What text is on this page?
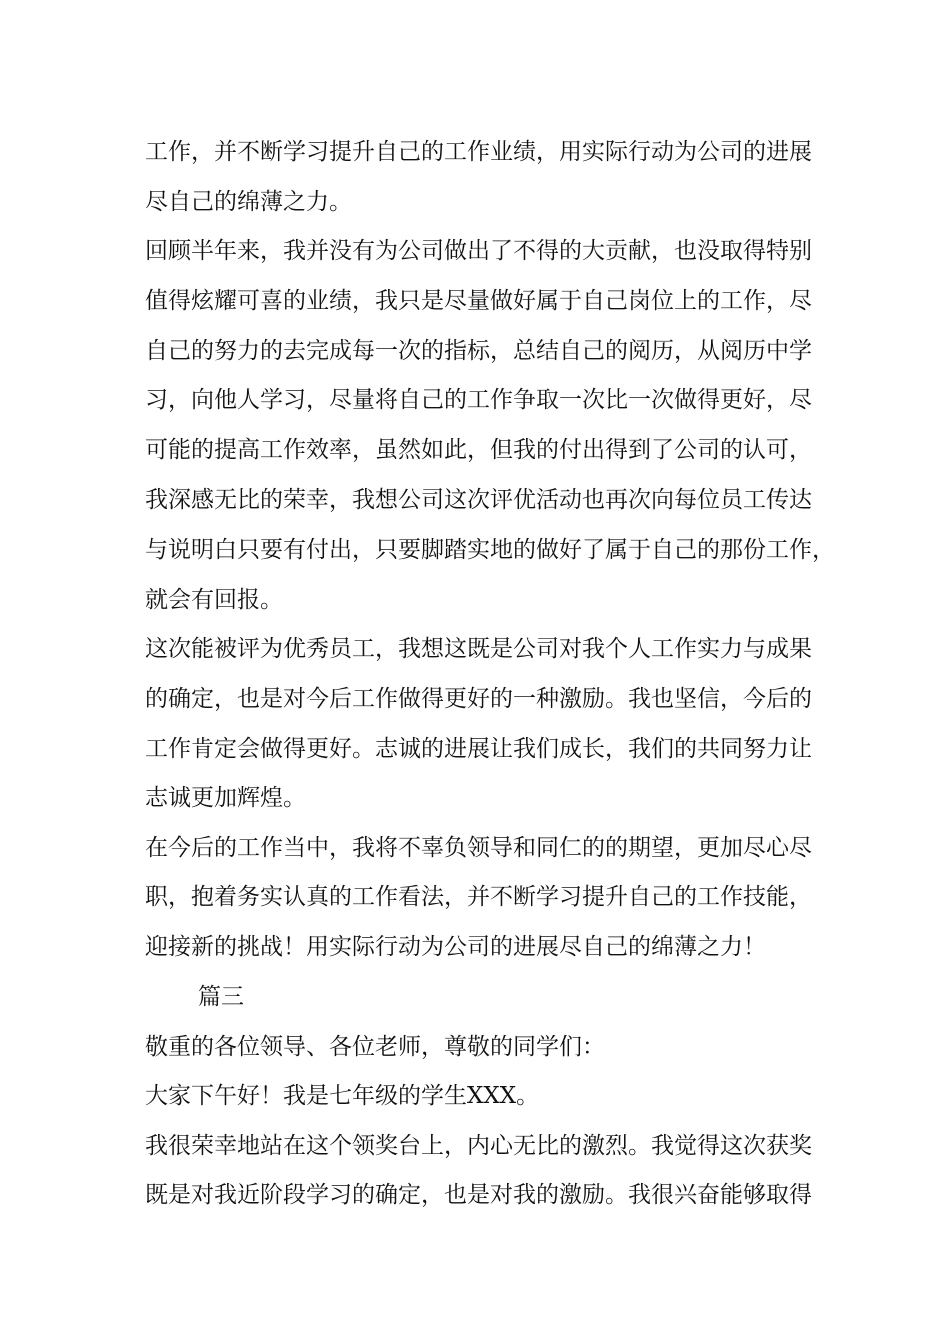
工作，并不断学习提升自己的工作业绩，用实际行动为公司的进展

尽自己的绵薄之力。

回顾半年来，我并没有为公司做出了不得的大贡献，也没取得特别

值得炫耀可喜的业绩，我只是尽量做好属于自己岗位上的工作，尽

自己的努力的去完成每一次的指标，总结自己的阅历，从阅历中学

习，向他人学习，尽量将自己的工作争取一次比一次做得更好，尽

可能的提高工作效率，虽然如此，但我的付出得到了公司的认可，

我深感无比的荣幸，我想公司这次评优活动也再次向每位员工传达

与说明白只要有付出，只要脚踏实地的做好了属于自己的那份工作，

就会有回报。

这次能被评为优秀员工，我想这既是公司对我个人工作实力与成果

的确定，也是对今后工作做得更好的一种激励。我也坚信，今后的

工作肯定会做得更好。志诚的进展让我们成长，我们的共同努力让

志诚更加辉煌。

在今后的工作当中，我将不辜负领导和同仁的的期望，更加尽心尽

职，抱着务实认真的工作看法，并不断学习提升自己的工作技能，

迎接新的挑战！用实际行动为公司的进展尽自己的绵薄之力！

篇三

敬重的各位领导、各位老师，尊敬的同学们：

大家下午好！我是七年级的学生XXX。

我很荣幸地站在这个领奖台上，内心无比的激烈。我觉得这次获奖

既是对我近阶段学习的确定，也是对我的激励。我很兴奋能够取得
